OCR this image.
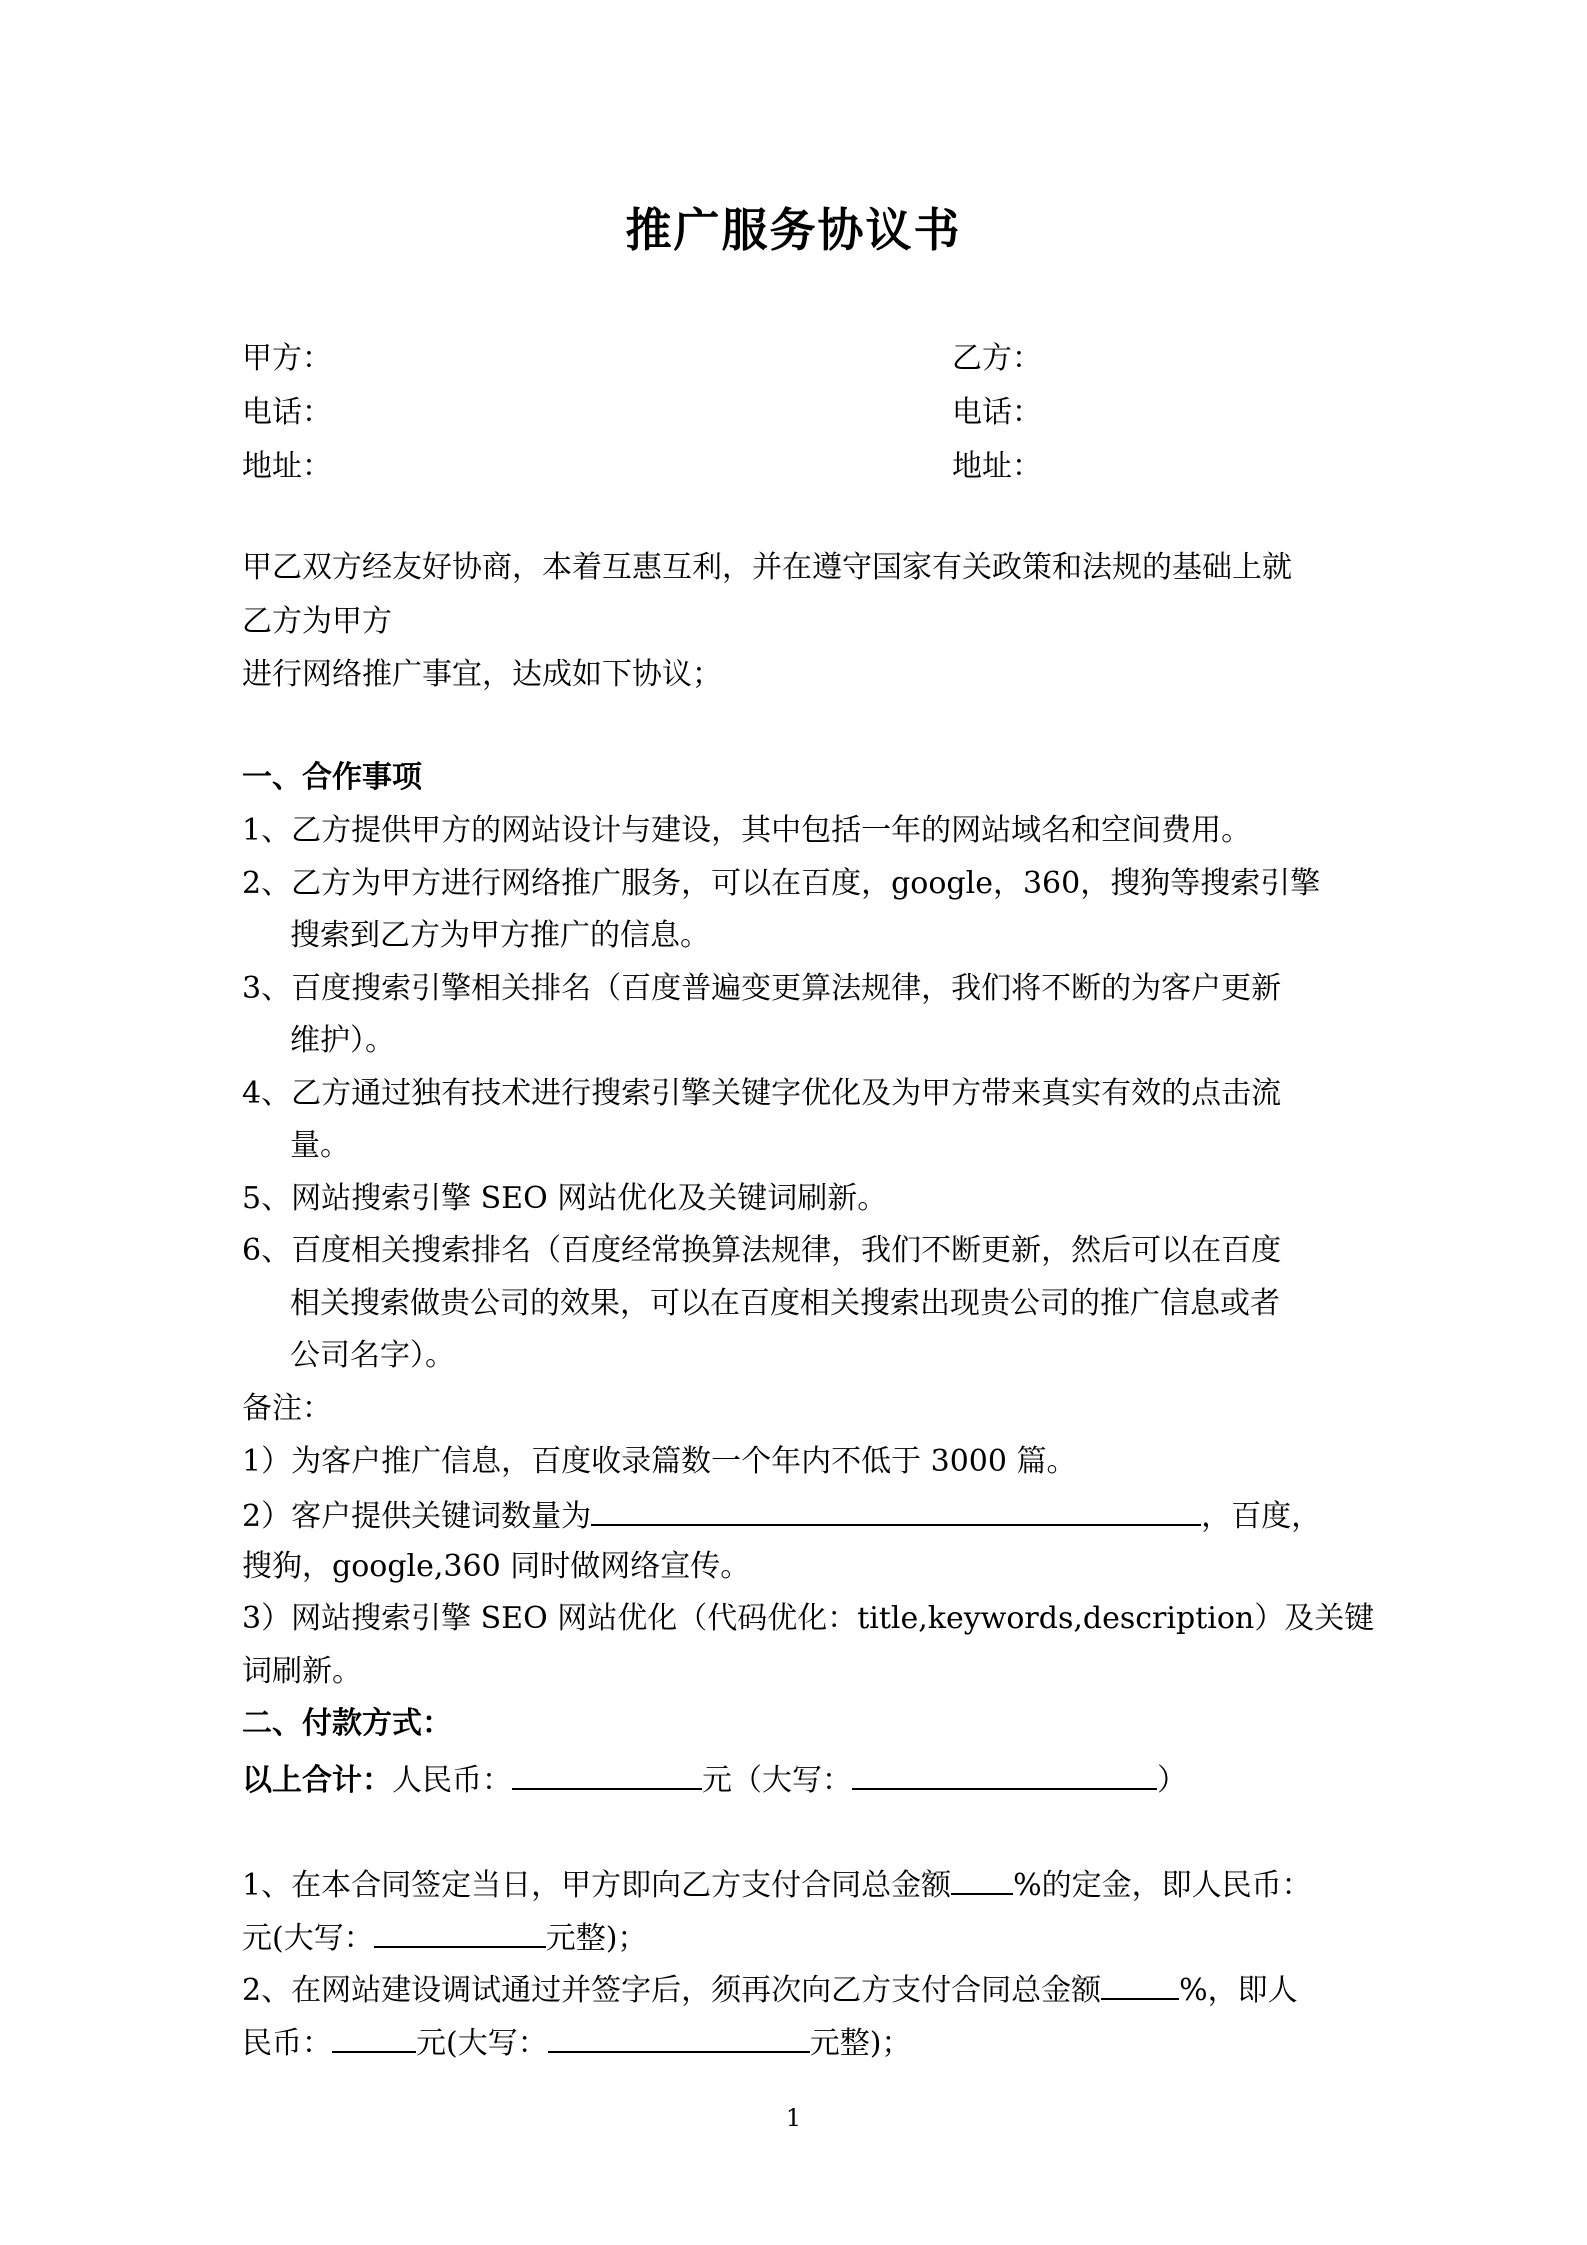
推广服务协议书
甲方：	乙方：
电话：	电话：
地址：	地址：
甲乙双方经友好协商，本着互惠互利，并在遵守国家有关政策和法规的基础上就
乙方为甲方
进行网络推广事宜，达成如下协议；
一、合作事项
1、乙方提供甲方的网站设计与建设，其中包括一年的网站域名和空间费用。
2、乙方为甲方进行网络推广服务，可以在百度，google，360，搜狗等搜索引擎
搜索到乙方为甲方推广的信息。
3、百度搜索引擎相关排名（百度普遍变更算法规律，我们将不断的为客户更新
维护）。
4、乙方通过独有技术进行搜索引擎关键字优化及为甲方带来真实有效的点击流
量。
5、网站搜索引擎 SEO 网站优化及关键词刷新。
6、百度相关搜索排名（百度经常换算法规律，我们不断更新，然后可以在百度
相关搜索做贵公司的效果，可以在百度相关搜索出现贵公司的推广信息或者
公司名字）。
备注：
1）为客户推广信息，百度收录篇数一个年内不低于 3000 篇。
2）客户提供关键词数量为	，百度，
搜狗，google,360 同时做网络宣传。
3）网站搜索引擎 SEO 网站优化（代码优化：title,keywords,description）及关键
词刷新。
二、付款方式：
以上合计：人民币：	元（大写：	）
1、在本合同签定当日，甲方即向乙方支付合同总金额 %的定金，即人民币：
元(大写：	元整)；
2、在网站建设调试通过并签字后，须再次向乙方支付合同总金额	%，即人
民币：	元(大写：	元整)；
1
